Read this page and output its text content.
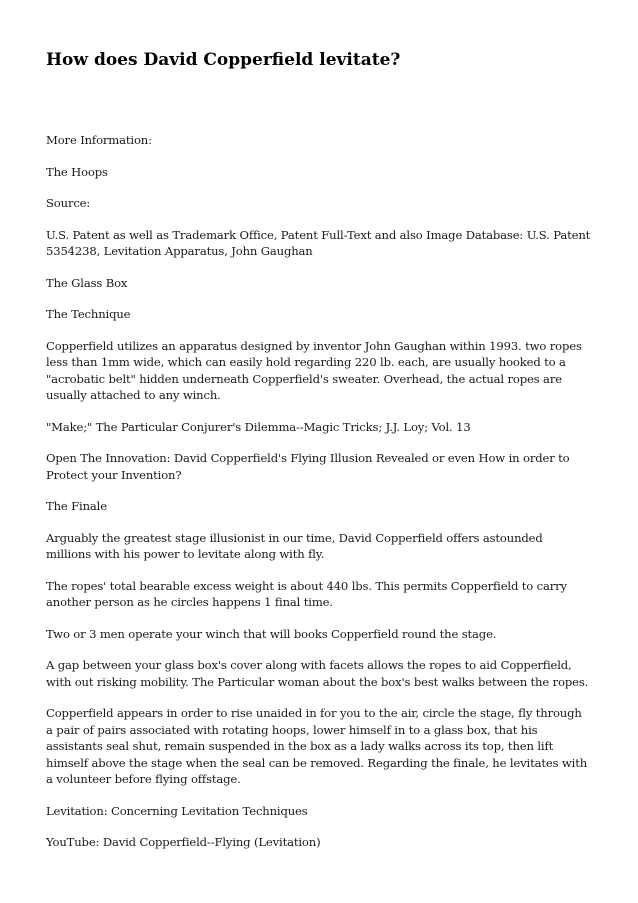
How does David Copperfield levitate?

More Information:

The Hoops

Source:

U.S. Patent as well as Trademark Office, Patent Full-Text and also Image Database: U.S. Patent 5354238, Levitation Apparatus, John Gaughan

The Glass Box

The Technique

Copperfield utilizes an apparatus designed by inventor John Gaughan within 1993. two ropes less than 1mm wide, which can easily hold regarding 220 lb. each, are usually hooked to a "acrobatic belt" hidden underneath Copperfield's sweater. Overhead, the actual ropes are usually attached to any winch.

"Make;" The Particular Conjurer's Dilemma--Magic Tricks; J.J. Loy; Vol. 13

Open The Innovation: David Copperfield's Flying Illusion Revealed or even How in order to Protect your Invention?

The Finale

Arguably the greatest stage illusionist in our time, David Copperfield offers astounded millions with his power to levitate along with fly.

The ropes' total bearable excess weight is about 440 lbs. This permits Copperfield to carry another person as he circles happens 1 final time.

Two or 3 men operate your winch that will books Copperfield round the stage.

A gap between your glass box's cover along with facets allows the ropes to aid Copperfield, with out risking mobility. The Particular woman about the box's best walks between the ropes.

Copperfield appears in order to rise unaided in for you to the air, circle the stage, fly through a pair of pairs associated with rotating hoops, lower himself in to a glass box, that his assistants seal shut, remain suspended in the box as a lady walks across its top, then lift himself above the stage when the seal can be removed. Regarding the finale, he levitates with a volunteer before flying offstage.

Levitation: Concerning Levitation Techniques

YouTube: David Copperfield--Flying (Levitation)
